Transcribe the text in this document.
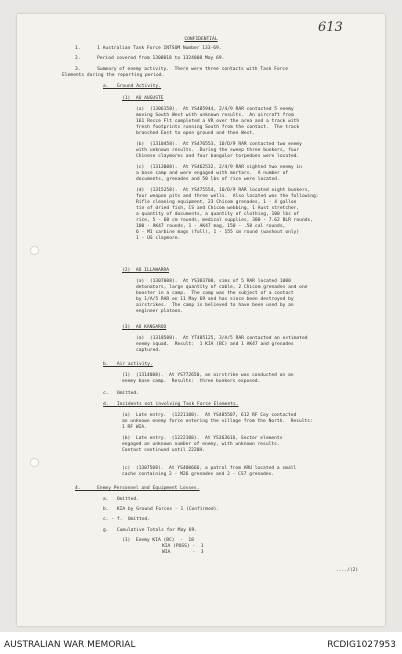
613
CONFIDENTIAL
1.      1 Australian Task Force INTSUM Number 133-69.
2.      Period covered from 1300018 to 1324008 May 69.
3.      Summary of enemy activity.  There were three contacts with Task Force
Elements during the reporting period.
a.   Ground Activity.
(1)  AO AUGUSTE
(a)  (1306158).  At YS485944, 2/4/9 RAR contacted 5 enemy
moving South West with unknown results.  An aircraft from
161 Recce Flt completed a VR over the area and a track with
fresh footprints running South from the contact.  The track
branched East to open ground and then West.
(b)  (1310458).  At YS476553, 10/D/9 RAR contacted two enemy
with unknown results.  During the sweep three bunkers, four
Chinese claymores and four bangalor torpedoes were located.
(c)  (1313008).  At YS462532, 2/4/9 RAR sighted two enemy in
a base camp and were engaged with mortars.  A number of
documents, grenades and 50 lbs of rice were located.
(d)  (1315258).  At YS475554, 10/D/9 RAR located eight bunkers,
four weapon pits and three wells.  Also located was the following:
Rifle cleaning equipment, 23 Chicom grenades, 1 - 4 gallon
tin of dried fish, CS and Chicom webbing, 1 Aust stretcher,
a quantity of documents, a quantity of clothing, 100 lbs of
rice, 5 - 60 cm rounds, medical supplies, 300 - 7.62 BLR rounds,
100 - AK47 rounds, 1 - AK47 mag, 150 - .50 cal rounds,
6 - M1 carbine mags (full), 1 - 155 cm round (washout only)
1 - US claymore.
(2)  AO ILLAWARRA
(a)  (1307008).  At YS303700, sims of 5 RAR located 1000
detonators, large quantity of cable, 2 Chicom grenades and one
booster in a camp.  The camp was the subject of a contact
by 1/A/5 RAR on 11 May 69 and has since been destroyed by
airstrikes.  The camp is believed to have been used by an
engineer platoon.
(3)  AO KANGAROO
(a)  (1318508).  At YT485125, 3/A/5 RAR contacted an estimated
enemy squad.  Result:  1 KIA (BC) and 1 AK47 and grenades
captured.
b.   Air activity.
(1)  (1314008).  At YS772650, an airstrike was conducted on an
enemy base camp.  Results:  three bunkers exposed.
c.   Omitted.
d.   Incidents not involving Task Force Elements.
(a)  Late entry.  (1221108).  At YS485507, 612 RF Coy contacted
an unknown enemy force entering the village from the North.  Results:
1 RF WIA.
(b)  Late entry.  (1222108).  At YS363616, Sector elements
engaged an unknown number of enemy, with unknown results.
Contact continued until 2220H.
(c)  (1307508).  At YS400666, a patrol from ARU located a small
cache containing 2 - M26 grenades and 2 - CS7 grenades.
4.      Enemy Personnel and Equipment Losses.
a.   Omitted.
b.   KIA by Ground Forces - 1 (Confirmed).
c. - f.  Omitted.
g.   Cumulative Totals for May 69.
(1)  Enemy KIA (BC)  -  18
KIA (POSS) -  1
WIA        -  3
..../(2)
AUSTRALIAN WAR MEMORIAL	RCDIG1027953
